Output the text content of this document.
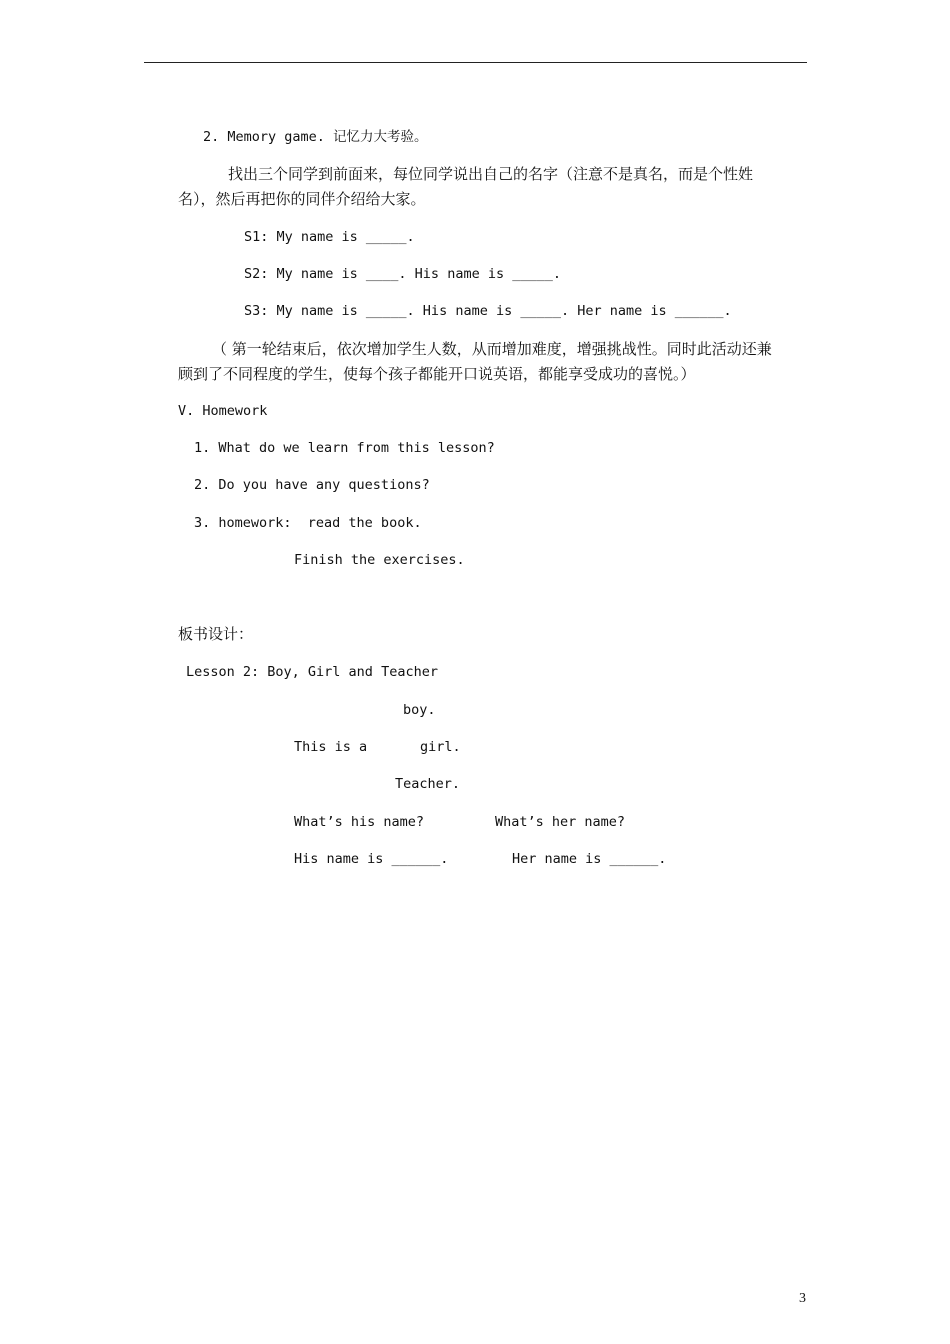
2. Memory game. 记忆力大考验。
找出三个同学到前面来，每位同学说出自己的名字（注意不是真名，而是个性姓
名），然后再把你的同伴介绍给大家。
S1: My name is _____.
S2: My name is ____. His name is _____.
S3: My name is _____. His name is _____. Her name is ______.
（ 第一轮结束后，依次增加学生人数，从而增加难度，增强挑战性。同时此活动还兼
顾到了不同程度的学生，使每个孩子都能开口说英语，都能享受成功的喜悦。）
V. Homework
1. What do we learn from this lesson?
2. Do you have any questions?
3. homework:  read the book.
Finish the exercises.
板书设计：
Lesson 2: Boy, Girl and Teacher
boy.
This is a	girl.
Teacher.
What’s his name?	What’s her name?
His name is ______.	Her name is ______.
3
